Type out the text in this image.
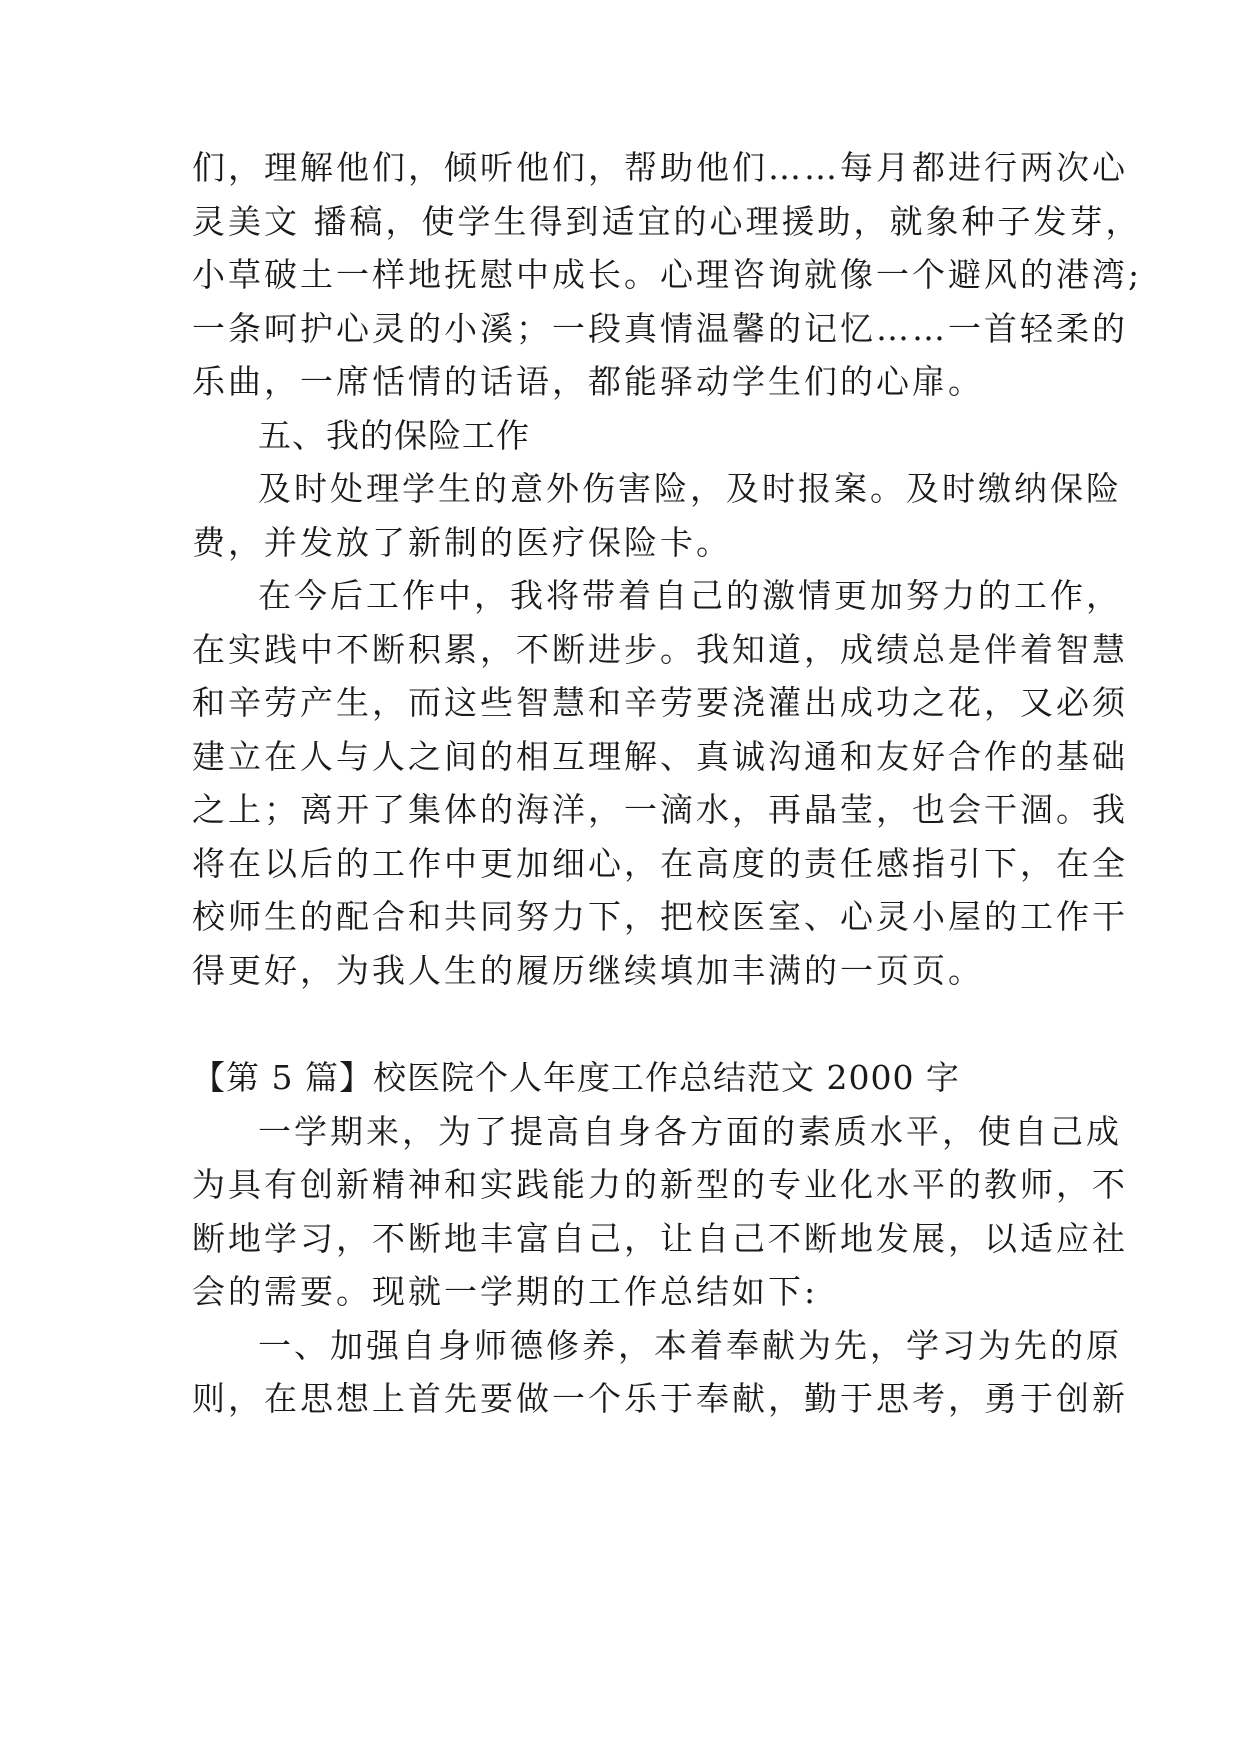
们，理解他们，倾听他们，帮助他们……每月都进行两次心
灵美文 播稿，使学生得到适宜的心理援助，就象种子发芽，
小草破土一样地抚慰中成长。心理咨询就像一个避风的港湾;
一条呵护心灵的小溪；一段真情温馨的记忆……一首轻柔的
乐曲，一席恬情的话语，都能驿动学生们的心扉。
五、我的保险工作
及时处理学生的意外伤害险，及时报案。及时缴纳保险
费，并发放了新制的医疗保险卡。
在今后工作中，我将带着自己的激情更加努力的工作，
在实践中不断积累，不断进步。我知道，成绩总是伴着智慧
和辛劳产生，而这些智慧和辛劳要浇灌出成功之花，又必须
建立在人与人之间的相互理解、真诚沟通和友好合作的基础
之上；离开了集体的海洋，一滴水，再晶莹，也会干涸。我
将在以后的工作中更加细心，在高度的责任感指引下，在全
校师生的配合和共同努力下，把校医室、心灵小屋的工作干
得更好，为我人生的履历继续填加丰满的一页页。
【第 5 篇】校医院个人年度工作总结范文 2000 字
一学期来，为了提高自身各方面的素质水平，使自己成
为具有创新精神和实践能力的新型的专业化水平的教师，不
断地学习，不断地丰富自己，让自己不断地发展，以适应社
会的需要。现就一学期的工作总结如下:
一、加强自身师德修养，本着奉献为先，学习为先的原
则，在思想上首先要做一个乐于奉献，勤于思考，勇于创新
